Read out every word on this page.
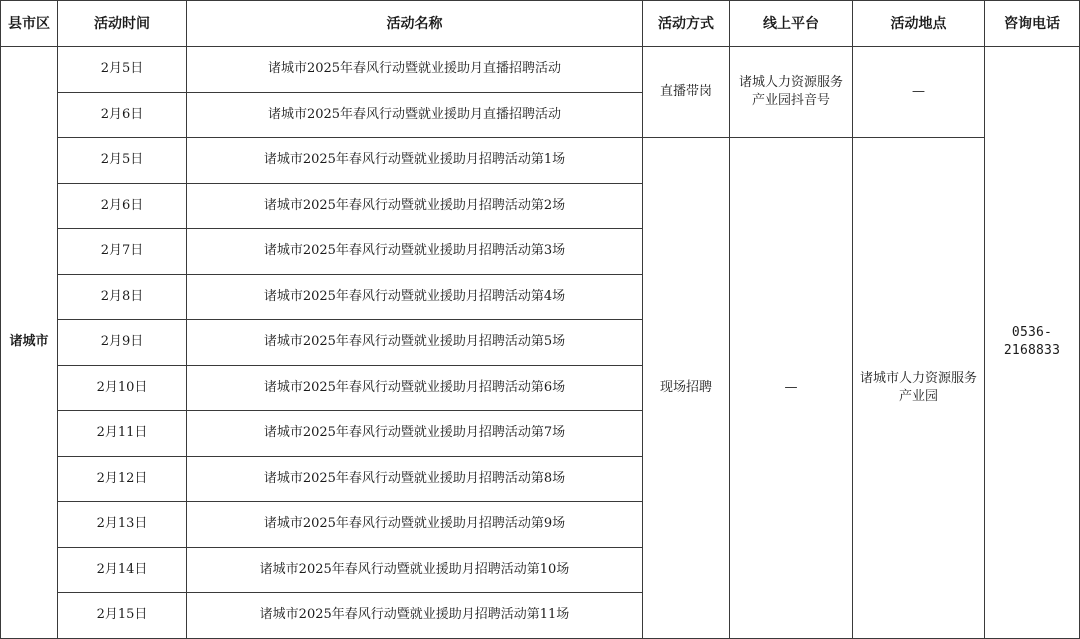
县市区	活动时间	活动名称	活动方式	线上平台	活动地点	咨询电话
诸城市	2月5日	诸城市2025年春风行动暨就业援助月直播招聘活动	直播带岗	诸城人力资源服务产业园抖音号	—	0536-2168833
	2月6日	诸城市2025年春风行动暨就业援助月直播招聘活动				
	2月5日	诸城市2025年春风行动暨就业援助月招聘活动第1场	现场招聘	—	诸城市人力资源服务产业园	
	2月6日	诸城市2025年春风行动暨就业援助月招聘活动第2场				
	2月7日	诸城市2025年春风行动暨就业援助月招聘活动第3场				
	2月8日	诸城市2025年春风行动暨就业援助月招聘活动第4场				
	2月9日	诸城市2025年春风行动暨就业援助月招聘活动第5场				
	2月10日	诸城市2025年春风行动暨就业援助月招聘活动第6场				
	2月11日	诸城市2025年春风行动暨就业援助月招聘活动第7场				
	2月12日	诸城市2025年春风行动暨就业援助月招聘活动第8场				
	2月13日	诸城市2025年春风行动暨就业援助月招聘活动第9场				
	2月14日	诸城市2025年春风行动暨就业援助月招聘活动第10场				
	2月15日	诸城市2025年春风行动暨就业援助月招聘活动第11场				
